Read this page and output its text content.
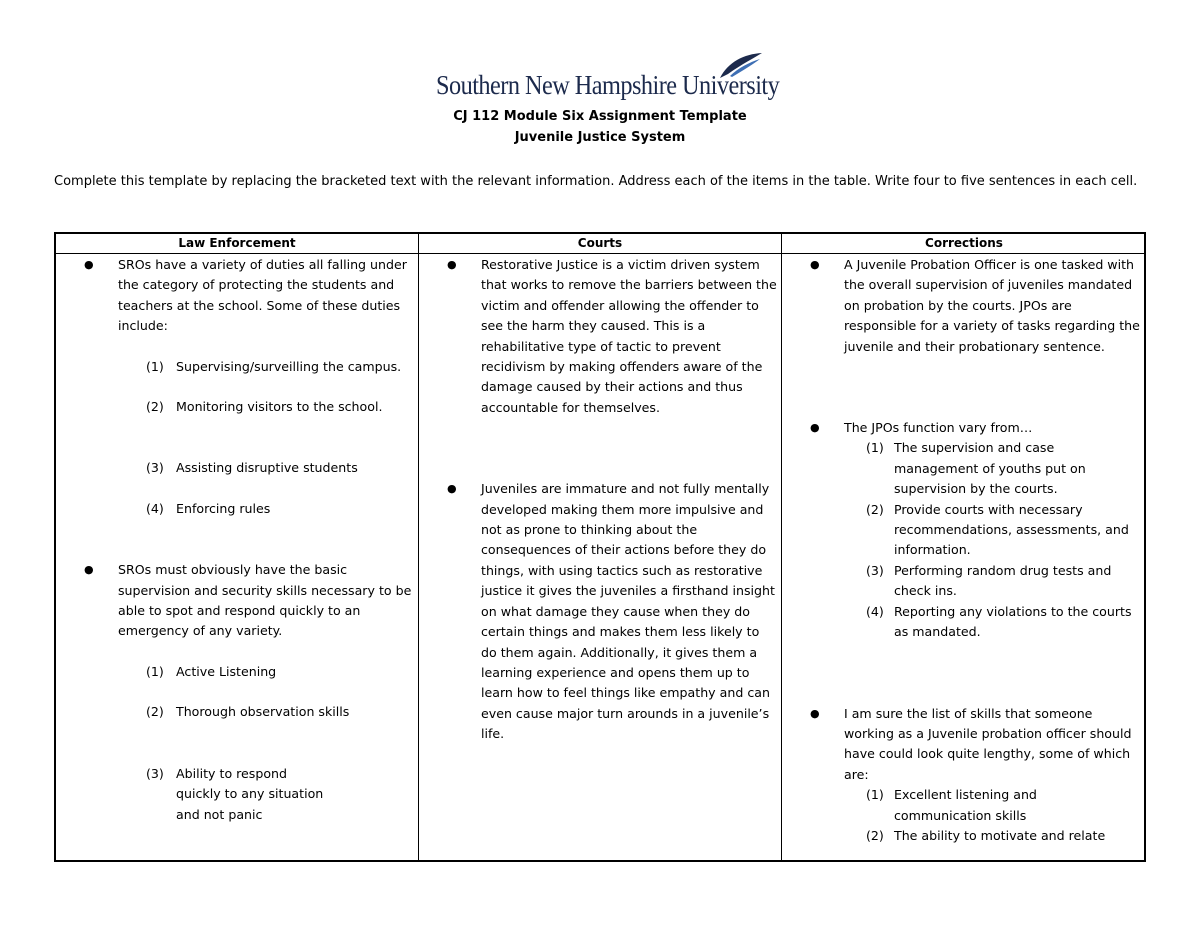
Southern New Hampshire University
CJ 112 Module Six Assignment Template
Juvenile Justice System
Complete this template by replacing the bracketed text with the relevant information. Address each of the items in the table. Write four to five sentences in each cell.
Law Enforcement	Courts	Corrections
● SROs have a variety of duties all falling under the category of protecting the students and teachers at the school. Some of these duties include:
(1) Supervising/surveilling the campus.
(2) Monitoring visitors to the school.
(3) Assisting disruptive students
(4) Enforcing rules
● SROs must obviously have the basic supervision and security skills necessary to be able to spot and respond quickly to an emergency of any variety.
(1) Active Listening
(2) Thorough observation skills
(3) Ability to respond quickly to any situation and not panic
● Restorative Justice is a victim driven system that works to remove the barriers between the victim and offender allowing the offender to see the harm they caused. This is a rehabilitative type of tactic to prevent recidivism by making offenders aware of the damage caused by their actions and thus accountable for themselves.
● Juveniles are immature and not fully mentally developed making them more impulsive and not as prone to thinking about the consequences of their actions before they do things, with using tactics such as restorative justice it gives the juveniles a firsthand insight on what damage they cause when they do certain things and makes them less likely to do them again. Additionally, it gives them a learning experience and opens them up to learn how to feel things like empathy and can even cause major turn arounds in a juvenile’s life.
● A Juvenile Probation Officer is one tasked with the overall supervision of juveniles mandated on probation by the courts. JPOs are responsible for a variety of tasks regarding the juvenile and their probationary sentence.
● The JPOs function vary from…
(1) The supervision and case management of youths put on supervision by the courts.
(2) Provide courts with necessary recommendations, assessments, and information.
(3) Performing random drug tests and check ins.
(4) Reporting any violations to the courts as mandated.
● I am sure the list of skills that someone working as a Juvenile probation officer should have could look quite lengthy, some of which are:
(1) Excellent listening and communication skills
(2) The ability to motivate and relate
